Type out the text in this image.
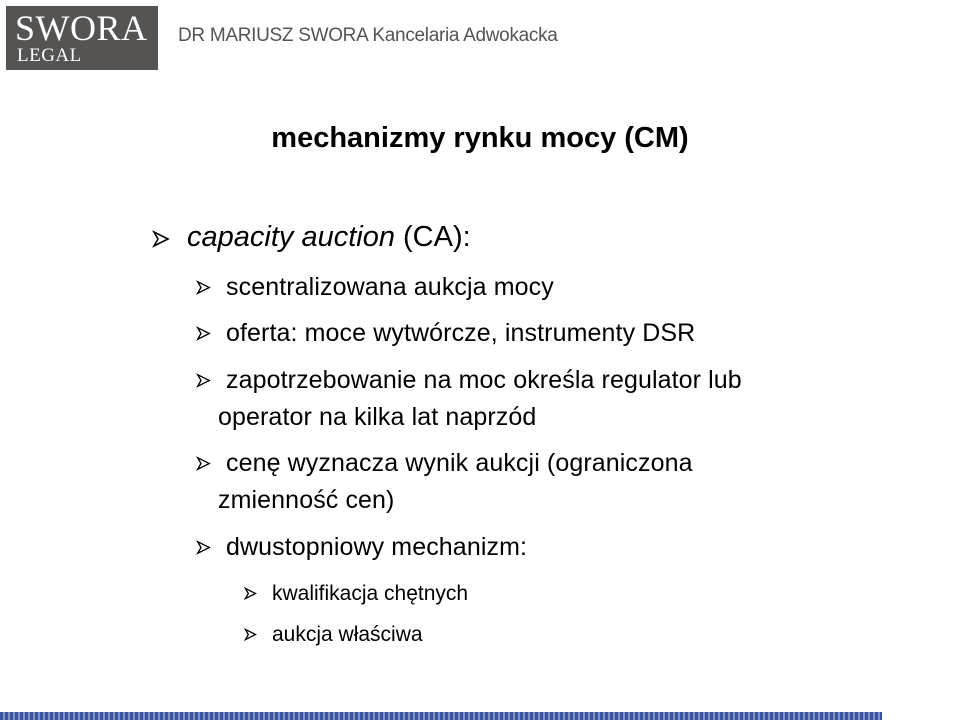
SWORA
LEGAL
DR MARIUSZ SWORA Kancelaria Adwokacka
mechanizmy rynku mocy (CM)
capacity auction (CA):
scentralizowana aukcja mocy
oferta: moce wytwórcze, instrumenty DSR
zapotrzebowanie na moc określa regulator lub
operator na kilka lat naprzód
cenę wyznacza wynik aukcji (ograniczona
zmienność cen)
dwustopniowy mechanizm:
kwalifikacja chętnych
aukcja właściwa
